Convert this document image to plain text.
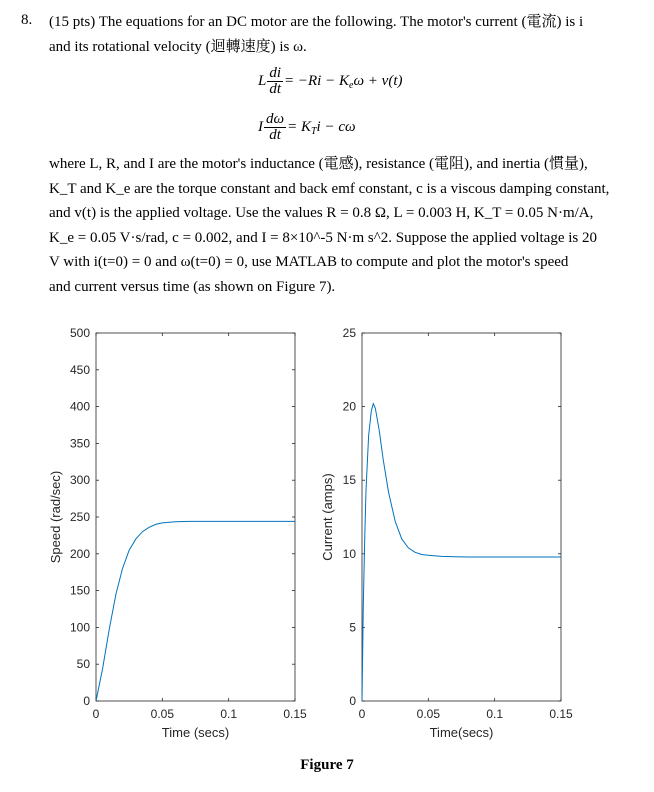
8. (15 pts) The equations for an DC motor are the following. The motor's current (電流) is i
and its rotational velocity (迴轉速度) is ω.

L $\frac{di}{dt} = -Ri - K_e\omega + v(t)$
I $\frac{d\omega}{dt} = K_Ti - c\omega$

where L, R, and I are the motor's inductance (電感), resistance (電阻), and inertia (慣量),
K_T and K_e are the torque constant and back emf constant, c is a viscous damping constant,
and v(t) is the applied voltage. Use the values R = 0.8 Ω, L = 0.003 H, K_T = 0.05 N·m/A,
K_e = 0.05 V·s/rad, c = 0.002, and I = 8×10^-5 N·m s^2. Suppose the applied voltage is 20
V with i(t=0) = 0 and ω(t=0) = 0, use MATLAB to compute and plot the motor's speed
and current versus time (as shown on Figure 7).

0	0.05	0.1	0.15
0
50
100
150
200
250
300
350
400
450
500
Time (secs)
Speed (rad/sec)
0	0.05	0.1	0.15
0
5
10
15
20
25
Time(secs)
Current (amps)
Figure 7
